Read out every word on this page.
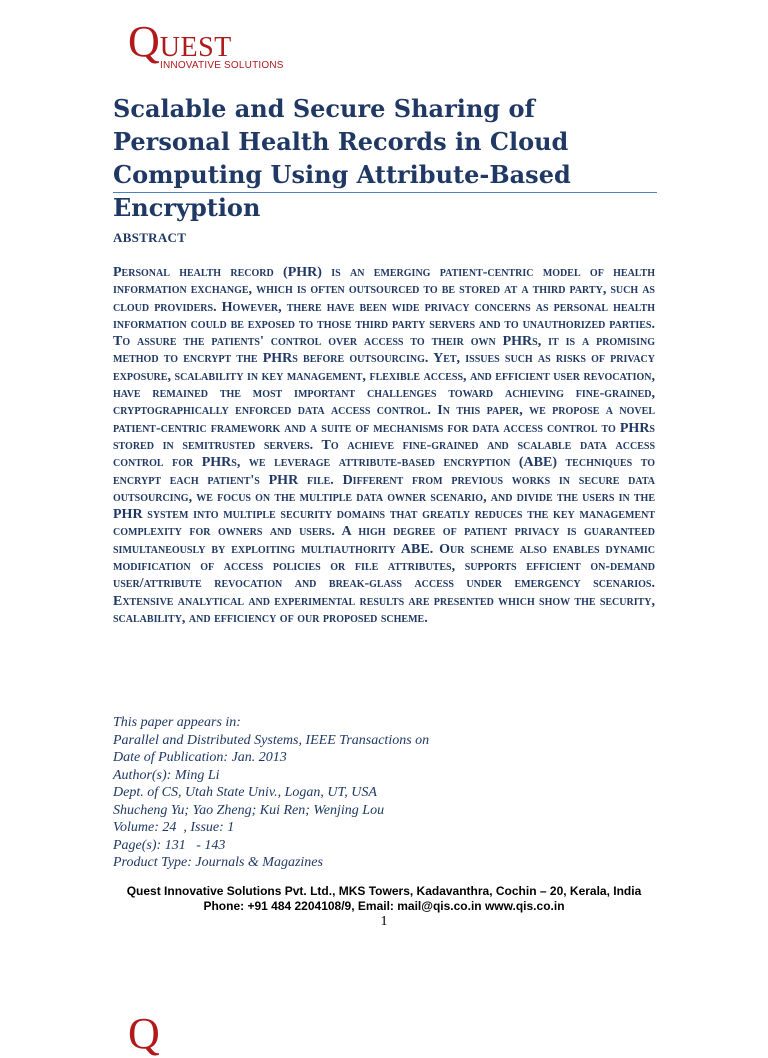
QUEST
INNOVATIVE SOLUTIONS
Scalable and Secure Sharing of Personal Health Records in Cloud Computing Using Attribute-Based Encryption
ABSTRACT

Personal health record (PHR) is an emerging patient-centric model of health information exchange, which is often outsourced to be stored at a third party, such as cloud providers. However, there have been wide privacy concerns as personal health information could be exposed to those third party servers and to unauthorized parties. To assure the patients' control over access to their own PHRs, it is a promising method to encrypt the PHRs before outsourcing. Yet, issues such as risks of privacy exposure, scalability in key management, flexible access, and efficient user revocation, have remained the most important challenges toward achieving fine-grained, cryptographically enforced data access control. In this paper, we propose a novel patient-centric framework and a suite of mechanisms for data access control to PHRs stored in semitrusted servers. To achieve fine-grained and scalable data access control for PHRs, we leverage attribute-based encryption (ABE) techniques to encrypt each patient's PHR file. Different from previous works in secure data outsourcing, we focus on the multiple data owner scenario, and divide the users in the PHR system into multiple security domains that greatly reduces the key management complexity for owners and users. A high degree of patient privacy is guaranteed simultaneously by exploiting multiauthority ABE. Our scheme also enables dynamic modification of access policies or file attributes, supports efficient on-demand user/attribute revocation and break-glass access under emergency scenarios. Extensive analytical and experimental results are presented which show the security, scalability, and efficiency of our proposed scheme.

This paper appears in:
Parallel and Distributed Systems, IEEE Transactions on
Date of Publication: Jan. 2013
Author(s): Ming Li
Dept. of CS, Utah State Univ., Logan, UT, USA
Shucheng Yu; Yao Zheng; Kui Ren; Wenjing Lou
Volume: 24  , Issue: 1
Page(s): 131   - 143
Product Type: Journals & Magazines
Quest Innovative Solutions Pvt. Ltd., MKS Towers, Kadavanthra, Cochin – 20, Kerala, India
Phone: +91 484 2204108/9, Email: mail@qis.co.in www.qis.co.in
1
Q
